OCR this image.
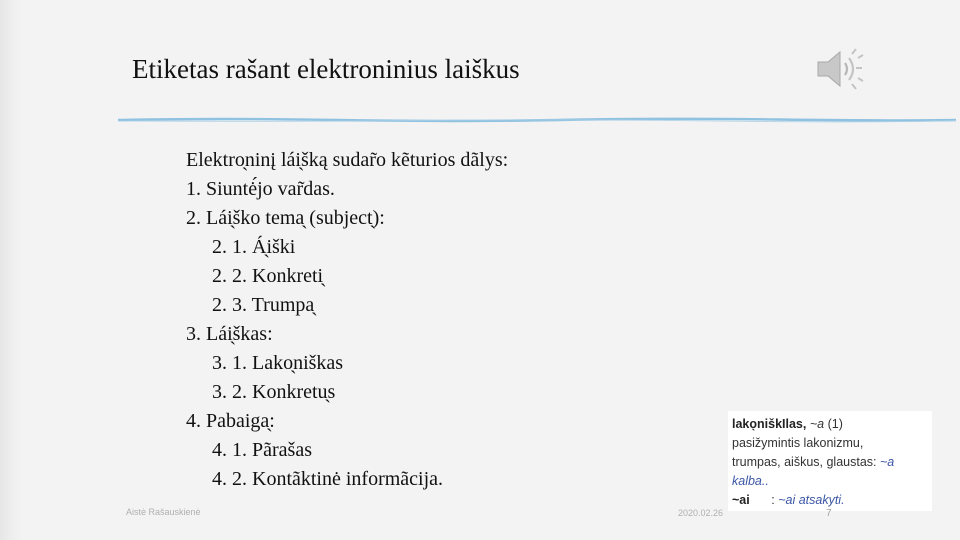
Etiketas rašant elektroninius laiškus
Elektro̖ninį lái̖šką sudar̃o kẽturios dãlys:
1. Siuntė́jo var̃das.
2. Lái̖ško tema̖ (subject̖):
2. 1. Á̖iški
2. 2. Konkreti̖
2. 3. Trumpa̖
3. Lái̖škas:
3. 1. Lako̖niškas
3. 2. Konkretu̖s
4. Pabaiga̖:
4. 1. Pãrašas
4. 2. Kontãktinė informãcija.
lako̖niškIlas, ~a (1)
pasižymintis lakonizmu,
trumpas, aiškus, glaustas: ~a
kalba..
~ai : ~ai atsakyti.
Aistė Rašauskienė	2020.02.26	7
